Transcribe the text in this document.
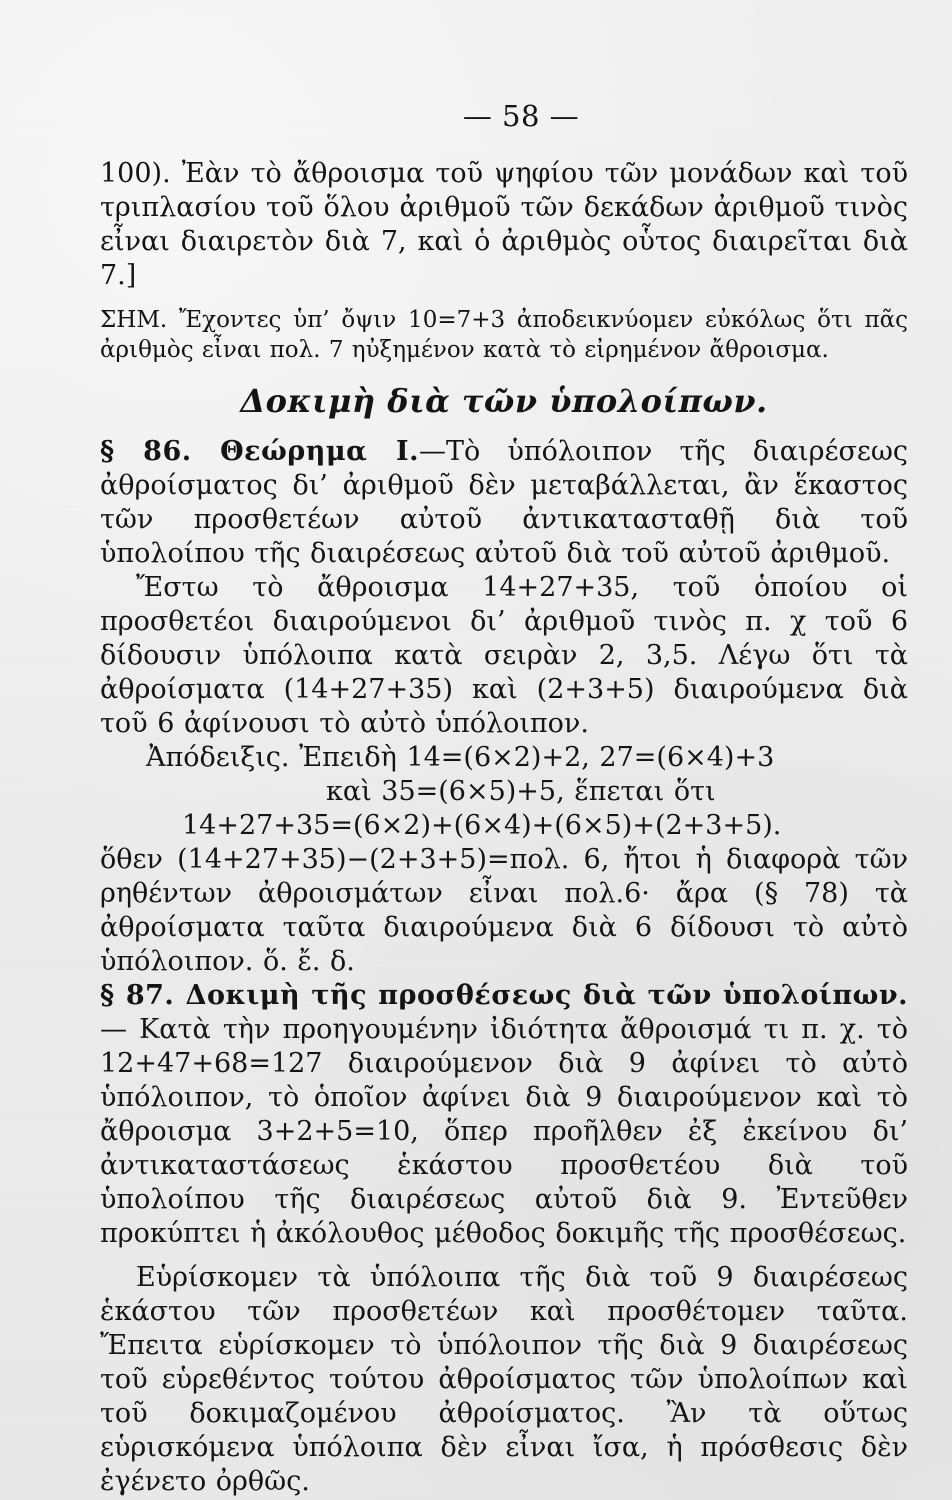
— 58 —

100). Ἐὰν τὸ ἄθροισμα τοῦ ψηφίου τῶν μονάδων καὶ τοῦ τριπλασίου τοῦ ὅλου ἀριθμοῦ τῶν δεκάδων ἀριθμοῦ τινὸς εἶναι διαιρετὸν διὰ 7, καὶ ὁ ἀριθμὸς οὗτος διαιρεῖται διὰ 7.]

ΣΗΜ. Ἔχοντες ὑπ’ ὄψιν 10=7+3 ἀποδεικνύομεν εὐκόλως ὅτι πᾶς ἀριθμὸς εἶναι πολ. 7 ηὐξημένον κατὰ τὸ εἰρημένον ἄθροισμα.

Δοκιμὴ διὰ τῶν ὑπολοίπων.

§ 86. Θεώρημα I.—Τὸ ὑπόλοιπον τῆς διαιρέσεως ἀθροίσματος δι’ ἀριθμοῦ δὲν μεταβάλλεται, ἂν ἕκαστος τῶν προσθετέων αὐτοῦ ἀντικατασταθῇ διὰ τοῦ ὑπολοίπου τῆς διαιρέσεως αὐτοῦ διὰ τοῦ αὐτοῦ ἀριθμοῦ.

Ἔστω τὸ ἄθροισμα 14+27+35, τοῦ ὁποίου οἱ προσθετέοι διαιρούμενοι δι’ ἀριθμοῦ τινὸς π. χ τοῦ 6 δίδουσιν ὑπόλοιπα κατὰ σειρὰν 2, 3,5. Λέγω ὅτι τὰ ἀθροίσματα (14+27+35) καὶ (2+3+5) διαιρούμενα διὰ τοῦ 6 ἀφίνουσι τὸ αὐτὸ ὑπόλοιπον.

Ἀπόδειξις. Ἐπειδὴ 14=(6×2)+2, 27=(6×4)+3

καὶ 35=(6×5)+5, ἕπεται ὅτι

14+27+35=(6×2)+(6×4)+(6×5)+(2+3+5).

ὅθεν (14+27+35)−(2+3+5)=πολ. 6, ἤτοι ἡ διαφορὰ τῶν ρηθέντων ἀθροισμάτων εἶναι πολ.6· ἄρα (§ 78) τὰ ἀθροίσματα ταῦτα διαιρούμενα διὰ 6 δίδουσι τὸ αὐτὸ ὑπόλοιπον. ὅ. ἔ. δ.

§ 87. Δοκιμὴ τῆς προσθέσεως διὰ τῶν ὑπολοίπων.— Κατὰ τὴν προηγουμένην ἰδιότητα ἄθροισμά τι π. χ. τὸ 12+47+68=127 διαιρούμενον διὰ 9 ἀφίνει τὸ αὐτὸ ὑπόλοιπον, τὸ ὁποῖον ἀφίνει διὰ 9 διαιρούμενον καὶ τὸ ἄθροισμα 3+2+5=10, ὅπερ προῆλθεν ἐξ ἐκείνου δι’ ἀντικαταστάσεως ἑκάστου προσθετέου διὰ τοῦ ὑπολοίπου τῆς διαιρέσεως αὐτοῦ διὰ 9. Ἐντεῦθεν προκύπτει ἡ ἀκόλουθος μέθοδος δοκιμῆς τῆς προσθέσεως.

Εὑρίσκομεν τὰ ὑπόλοιπα τῆς διὰ τοῦ 9 διαιρέσεως ἑκάστου τῶν προσθετέων καὶ προσθέτομεν ταῦτα. Ἔπειτα εὑρίσκομεν τὸ ὑπόλοιπον τῆς διὰ 9 διαιρέσεως τοῦ εὑρεθέντος τούτου ἀθροίσματος τῶν ὑπολοίπων καὶ τοῦ δοκιμαζομένου ἀθροίσματος. Ἂν τὰ οὕτως εὑρισκόμενα ὑπόλοιπα δὲν εἶναι ἴσα, ἡ πρόσθεσις δὲν ἐγένετο ὀρθῶς.
